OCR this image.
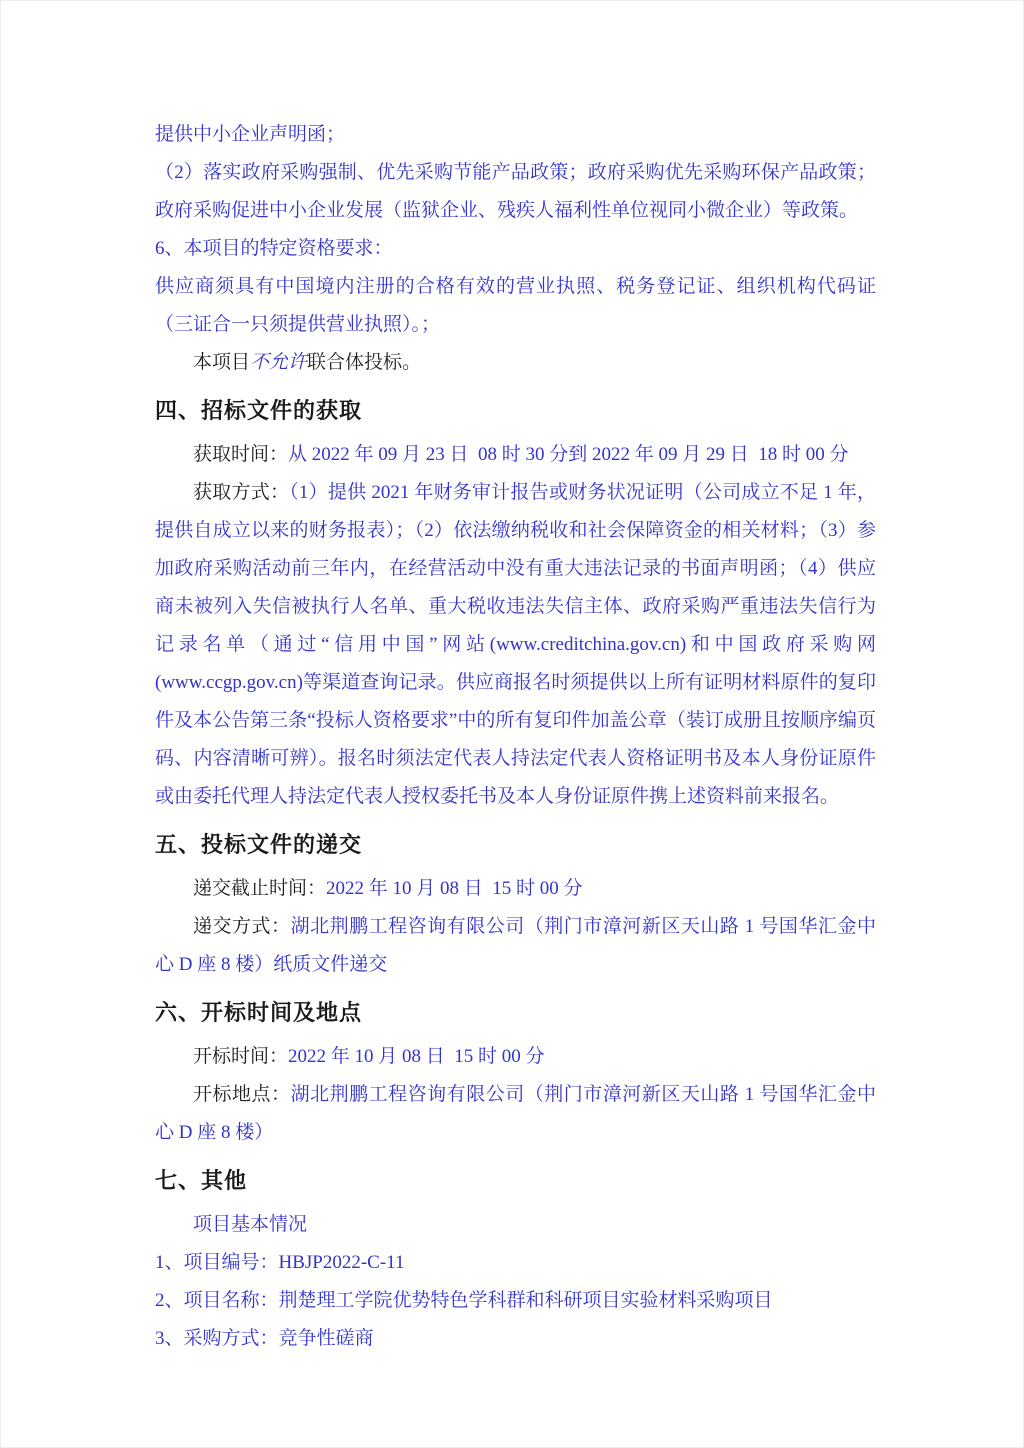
提供中小企业声明函；

（2）落实政府采购强制、优先采购节能产品政策；政府采购优先采购环保产品政策；政府采购促进中小企业发展（监狱企业、残疾人福利性单位视同小微企业）等政策。

6、本项目的特定资格要求：

供应商须具有中国境内注册的合格有效的营业执照、税务登记证、组织机构代码证（三证合一只须提供营业执照）。；

本项目不允许联合体投标。

四、招标文件的获取

获取时间：从 2022 年 09 月 23 日  08 时 30 分到 2022 年 09 月 29 日  18 时 00 分

获取方式：（1）提供 2021 年财务审计报告或财务状况证明（公司成立不足 1 年，提供自成立以来的财务报表）；（2）依法缴纳税收和社会保障资金的相关材料；（3）参加政府采购活动前三年内，在经营活动中没有重大违法记录的书面声明函；（4）供应商未被列入失信被执行人名单、重大税收违法失信主体、政府采购严重违法失信行为记录名单（通过“信用中国”网站(www.creditchina.gov.cn)和中国政府采购网(www.ccgp.gov.cn)等渠道查询记录。供应商报名时须提供以上所有证明材料原件的复印件及本公告第三条“投标人资格要求”中的所有复印件加盖公章（装订成册且按顺序编页码、内容清晰可辨）。报名时须法定代表人持法定代表人资格证明书及本人身份证原件或由委托代理人持法定代表人授权委托书及本人身份证原件携上述资料前来报名。

五、投标文件的递交

递交截止时间：2022 年 10 月 08 日  15 时 00 分

递交方式：湖北荆鹏工程咨询有限公司（荆门市漳河新区天山路 1 号国华汇金中心 D 座 8 楼）纸质文件递交

六、开标时间及地点

开标时间：2022 年 10 月 08 日  15 时 00 分

开标地点：湖北荆鹏工程咨询有限公司（荆门市漳河新区天山路 1 号国华汇金中心 D 座 8 楼）

七、其他

项目基本情况

1、项目编号：HBJP2022-C-11

2、项目名称：荆楚理工学院优势特色学科群和科研项目实验材料采购项目

3、采购方式：竞争性磋商
